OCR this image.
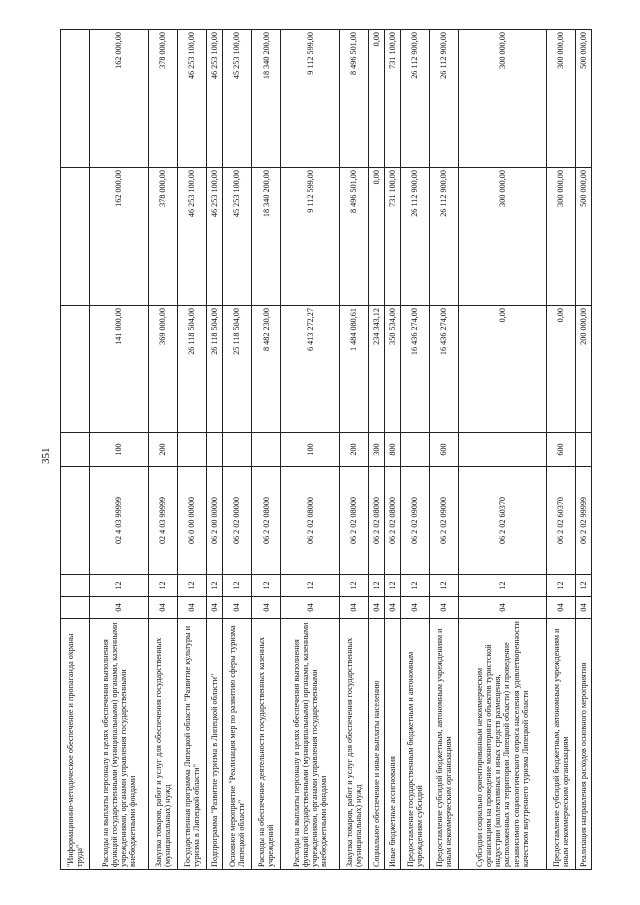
351
"Информационно-методическое обеспечение и пропаганда охраны труда"							
Расходы на выплаты персоналу в целях обеспечения выполнения функций государственными (муниципальными) органами, казенными учреждениями, органами управления государственными внебюджетными фондами	04	12	02 4 03 99999	100	141 000,00	162 000,00	162 000,00
Закупка товаров, работ и услуг для обеспечения государственных (муниципальных) нужд	04	12	02 4 03 99999	200	369 000,00	378 000,00	378 000,00
Государственная программа Липецкой области "Развитие культуры и туризма в Липецкой области"	04	12	06 0 00 00000		26 118 504,00	46 253 100,00	46 253 100,00
Подпрограмма "Развитие туризма в Липецкой области"	04	12	06 2 00 00000		26 118 504,00	46 253 100,00	46 253 100,00
Основное мероприятие "Реализация мер по развитию сферы туризма Липецкой области"	04	12	06 2 02 00000		25 118 504,00	45 253 100,00	45 253 100,00
Расходы на обеспечение деятельности государственных казенных учреждений	04	12	06 2 02 08000		8 482 230,00	18 340 200,00	18 340 200,00
Расходы на выплаты персоналу в целях обеспечения выполнения функций государственными (муниципальными) органами, казенными учреждениями, органами управления государственными внебюджетными фондами	04	12	06 2 02 08000	100	6 413 272,27	9 112 599,00	9 112 599,00
Закупка товаров, работ и услуг для обеспечения государственных (муниципальных) нужд	04	12	06 2 02 08000	200	1 484 080,61	8 496 501,00	8 496 501,00
Социальное обеспечение и иные выплаты населению	04	12	06 2 02 08000	300	234 343,12	0,00	0,00
Иные бюджетные ассигнования	04	12	06 2 02 08000	800	350 534,00	731 100,00	731 100,00
Предоставление государственным бюджетным и автономным учреждениям субсидий	04	12	06 2 02 09000		16 436 274,00	26 112 900,00	26 112 900,00
Предоставление субсидий бюджетным, автономным учреждениям и иным некоммерческим организациям	04	12	06 2 02 09000	600	16 436 274,00	26 112 900,00	26 112 900,00
Субсидии социально ориентированным некоммерческим организациям на проведение мониторинга объектов туристской индустрии (коллективных и иных средств размещения, расположенных на территории Липецкой области) и проведение независимого социологического опроса населения удовлетворенности качеством внутреннего туризма Липецкой области	04	12	06 2 02 60370		0,00	300 000,00	300 000,00
Предоставление субсидий бюджетным, автономным учреждениям и иным некоммерческим организациям	04	12	06 2 02 60370	600	0,00	300 000,00	300 000,00
Реализация направления расходов основного мероприятия	04	12	06 2 02 99999		200 000,00	500 000,00	500 000,00
